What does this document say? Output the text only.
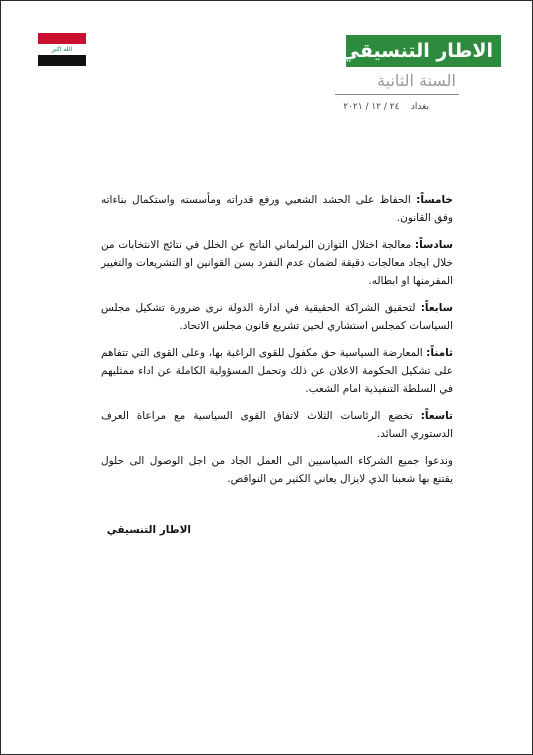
الله اكبر	الاطار التنسيقي
السنة الثانية
بغداد    ٢٤ / ١٢ / ٢٠٢١

خامساً: الحفاظ على الحشد الشعبي ورفع قدراته ومأسسته واستكمال بناءاته وفق القانون.

سادساً: معالجة اختلال التوازن البرلماني الناتج عن الخلل في نتائج الانتخابات من خلال ايجاد معالجات دقيقة لضمان عدم التفرد بسن القوانين او التشريعات والتغيير المفرمنها او ابطاله.

سابعاً: لتحقيق الشراكة الحقيقية في ادارة الدولة نرى ضرورة تشكيل مجلس السياسات كمجلس استشاري لحين تشريع قانون مجلس الاتحاد.

ثامناً: المعارضة السياسية حق مكفول للقوى الراغبة بها، وعلى القوى التي تتفاهم على تشكيل الحكومة الاعلان عن ذلك وتحمل المسؤولية الكاملة عن اداء ممثليهم في السلطة التنفيذية امام الشعب.

تاسعاً: تخضع الرئاسات الثلاث لاتفاق القوى السياسية مع مراعاة العرف الدستوري السائد.

وندعوا جميع الشركاء السياسيين الى العمل الجاد من اجل الوصول الى حلول يقتنع بها شعبنا الذي لايزال يعاني الكثير من النواقص.

الاطار التنسيقي
